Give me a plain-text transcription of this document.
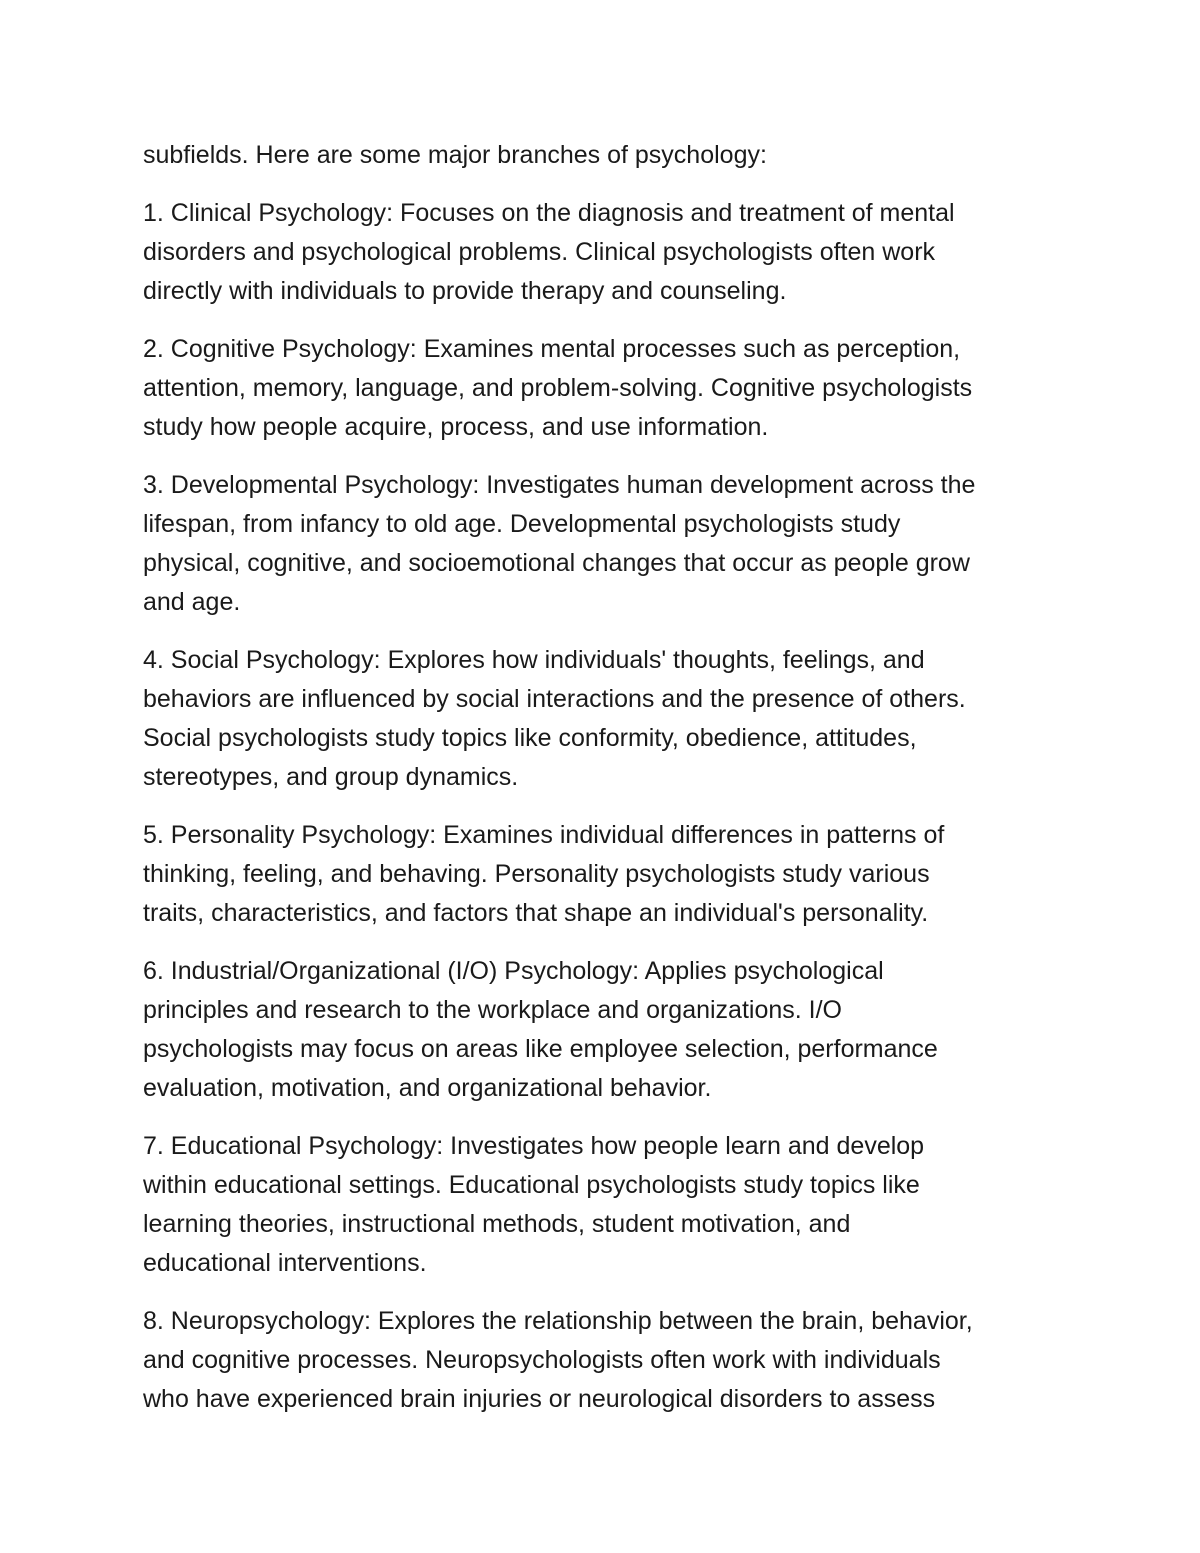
subfields. Here are some major branches of psychology:

1. Clinical Psychology: Focuses on the diagnosis and treatment of mental
disorders and psychological problems. Clinical psychologists often work
directly with individuals to provide therapy and counseling.

2. Cognitive Psychology: Examines mental processes such as perception,
attention, memory, language, and problem-solving. Cognitive psychologists
study how people acquire, process, and use information.

3. Developmental Psychology: Investigates human development across the
lifespan, from infancy to old age. Developmental psychologists study
physical, cognitive, and socioemotional changes that occur as people grow
and age.

4. Social Psychology: Explores how individuals' thoughts, feelings, and
behaviors are influenced by social interactions and the presence of others.
Social psychologists study topics like conformity, obedience, attitudes,
stereotypes, and group dynamics.

5. Personality Psychology: Examines individual differences in patterns of
thinking, feeling, and behaving. Personality psychologists study various
traits, characteristics, and factors that shape an individual's personality.

6. Industrial/Organizational (I/O) Psychology: Applies psychological
principles and research to the workplace and organizations. I/O
psychologists may focus on areas like employee selection, performance
evaluation, motivation, and organizational behavior.

7. Educational Psychology: Investigates how people learn and develop
within educational settings. Educational psychologists study topics like
learning theories, instructional methods, student motivation, and
educational interventions.

8. Neuropsychology: Explores the relationship between the brain, behavior,
and cognitive processes. Neuropsychologists often work with individuals
who have experienced brain injuries or neurological disorders to assess
